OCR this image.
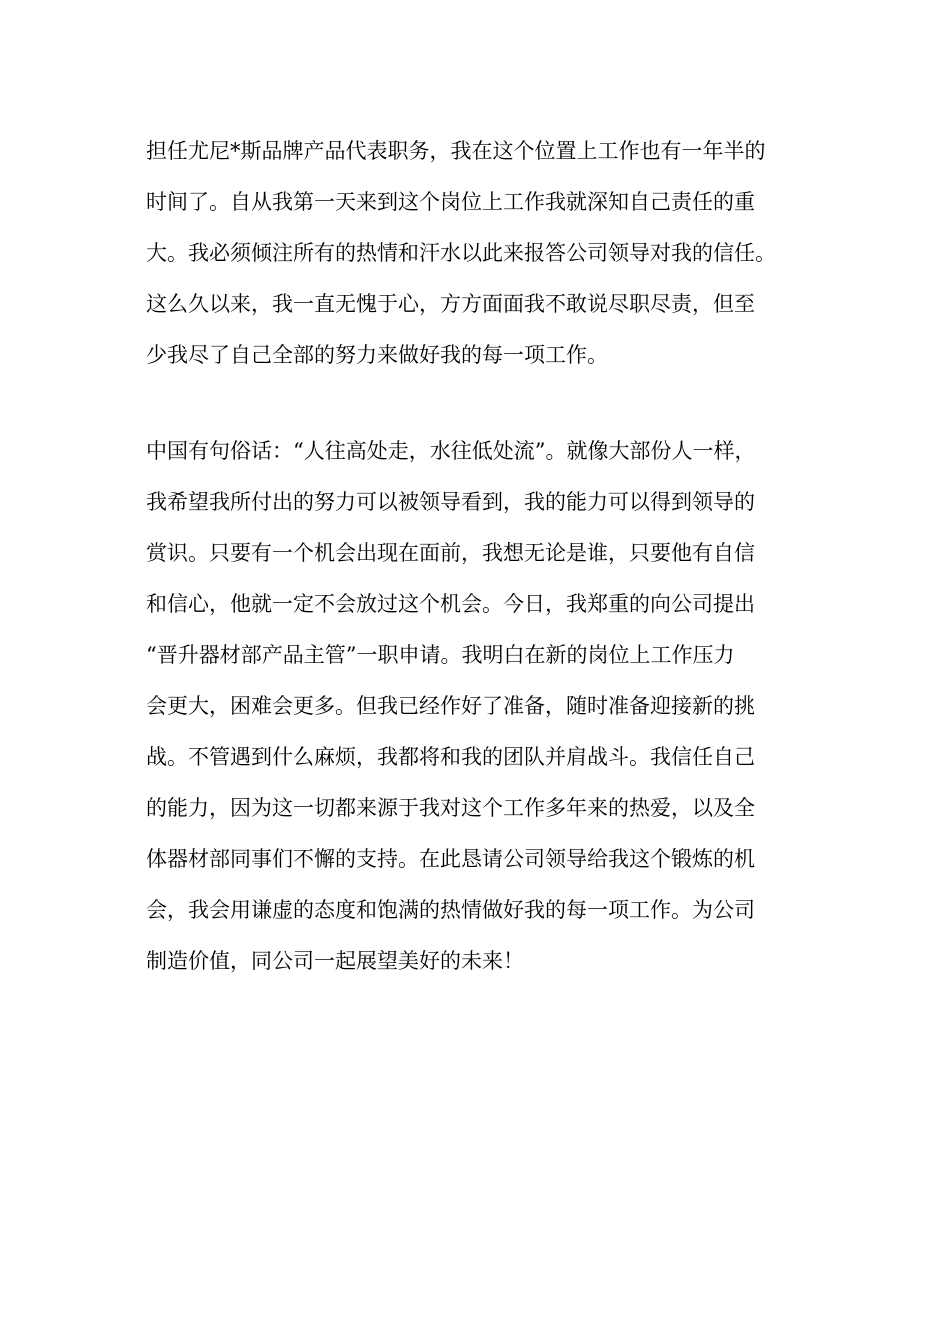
担任尤尼*斯品牌产品代表职务，我在这个位置上工作也有一年半的
时间了。自从我第一天来到这个岗位上工作我就深知自己责任的重
大。我必须倾注所有的热情和汗水以此来报答公司领导对我的信任。
这么久以来，我一直无愧于心，方方面面我不敢说尽职尽责，但至
少我尽了自己全部的努力来做好我的每一项工作。
中国有句俗话：“人往高处走，水往低处流”。就像大部份人一样，
我希望我所付出的努力可以被领导看到，我的能力可以得到领导的
赏识。只要有一个机会出现在面前，我想无论是谁，只要他有自信
和信心，他就一定不会放过这个机会。今日，我郑重的向公司提出
“晋升器材部产品主管”一职申请。我明白在新的岗位上工作压力
会更大，困难会更多。但我已经作好了准备，随时准备迎接新的挑
战。不管遇到什么麻烦，我都将和我的团队并肩战斗。我信任自己
的能力，因为这一切都来源于我对这个工作多年来的热爱，以及全
体器材部同事们不懈的支持。在此恳请公司领导给我这个锻炼的机
会，我会用谦虚的态度和饱满的热情做好我的每一项工作。为公司
制造价值，同公司一起展望美好的未来！
